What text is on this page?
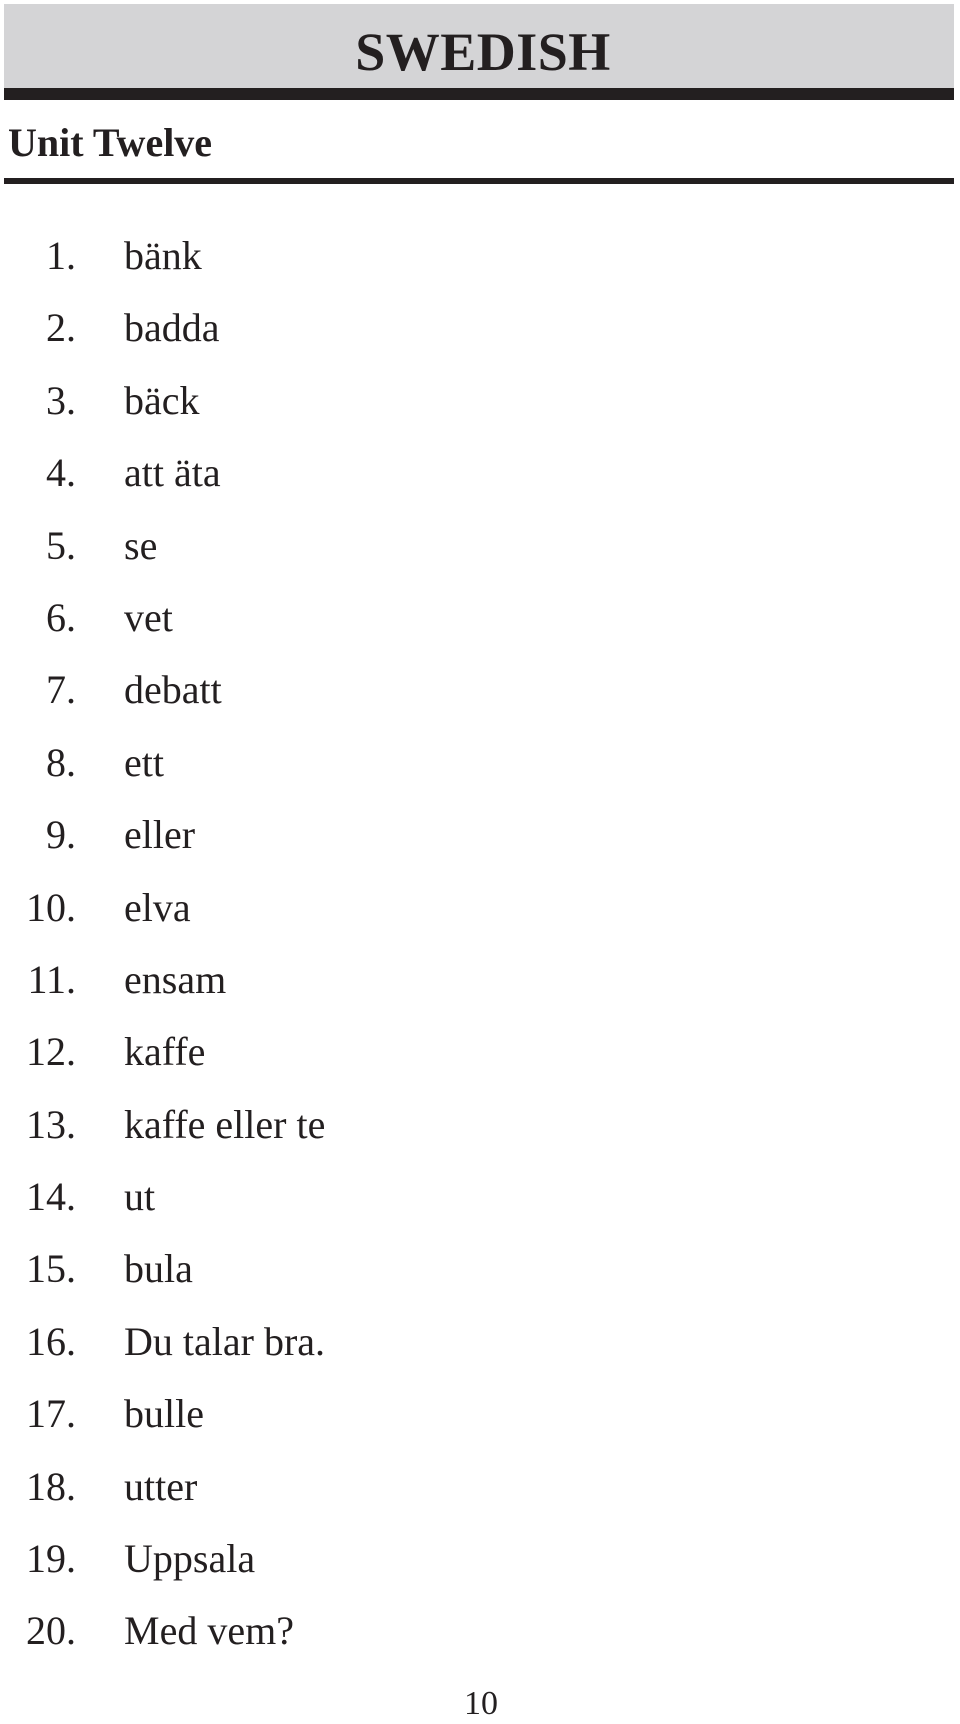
SWEDISH
Unit Twelve
1. bänk
2. badda
3. bäck
4. att äta
5. se
6. vet
7. debatt
8. ett
9. eller
10. elva
11. ensam
12. kaffe
13. kaffe eller te
14. ut
15. bula
16. Du talar bra.
17. bulle
18. utter
19. Uppsala
20. Med vem?
10
